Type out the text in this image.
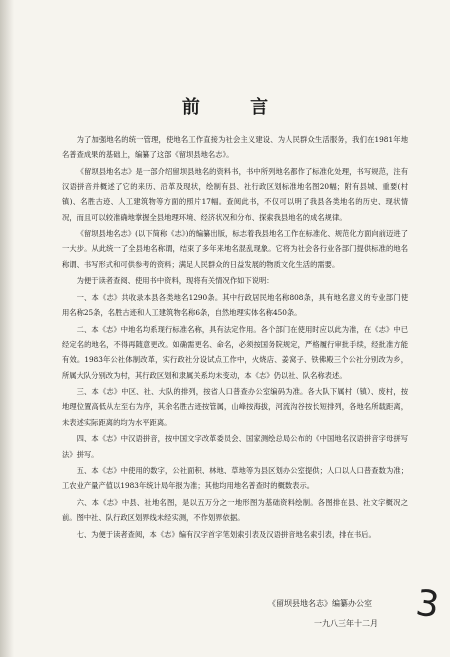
前 言

为了加强地名的统一管理，使地名工作直接为社会主义建设、为人民群众生活服务，我们在1981年地名普查成果的基础上，编纂了这部《留坝县地名志》。

《留坝县地名志》是一部介绍留坝县地名的资料书，书中所列地名都作了标准化处理，书写规范，注有汉语拼音并概述了它的来历、沿革及现状，绘制有县、社行政区划标准地名图20幅；附有县城、重要(村镇)、名胜古迹、人工建筑物等方面的照片17幅。查阅此书，不仅可以明了我县各类地名的历史、现状情况，而且可以较准确地掌握全县地理环境、经济状况和分布、探索我县地名的成名规律。

《留坝县地名志》(以下简称《志》)的编纂出版，标志着我县地名工作在标准化、规范化方面向前迈进了一大步。从此统一了全县地名称谓，结束了多年来地名混乱现象。它将为社会各行业各部门提供标准的地名称谓、书写形式和可供参考的资料；满足人民群众的日益发展的物质文化生活的需要。

为便于读者查阅、使用书中资料，现将有关情况作如下说明：

一、本《志》共收录本县各类地名1290条。其中行政居民地名称808条，具有地名意义的专业部门使用名称25条，名胜古迹和人工建筑物名称6条，自然地理实体名称450条。

二、本《志》中地名均系现行标准名称，具有法定作用。各个部门在使用时应以此为准，在《志》中已经定名的地名，不得再随意更改。如确需更名、命名，必须按国务院规定，严格履行审批手续，经批准方能有效。1983年公社体制改革，实行政社分设试点工作中，火烧店、姜窝子、铁佛殿三个公社分别改为乡，所属大队分别改为村，其行政区划和隶属关系均未变动，本《志》仍以社、队名称表述。

三、本《志》中区、社、大队的排列，按省人口普查办公室编码为准。各大队下属村（镇）、废村，按地理位置高低从左至右为序，其余名胜古迹按管属，山峰按海拔，河流沟谷按长短排列，各地名所载距离，未表述实际距离的均为水平距离。

四、本《志》中汉语拼音，按中国文字改革委员会、国家测绘总局公布的《中国地名汉语拼音字母拼写法》拼写。

五、本《志》中使用的数字，公社面积、林地、草地等为县区划办公室提供；人口以人口普查数为准；工农业产量产值以1983年统计局年报为准；其他均用地名普查时的概数表示。

六、本《志》中县、社地名图，是以五万分之一地形图为基础资料绘制。各图排在县、社文字概况之前。图中社、队行政区划界线未经实测，不作划界依据。

七、为便于读者查阅，本《志》编有汉字首字笔划索引表及汉语拼音地名索引表，排在书后。

《留坝县地名志》编纂办公室
一九八三年十二月 3
